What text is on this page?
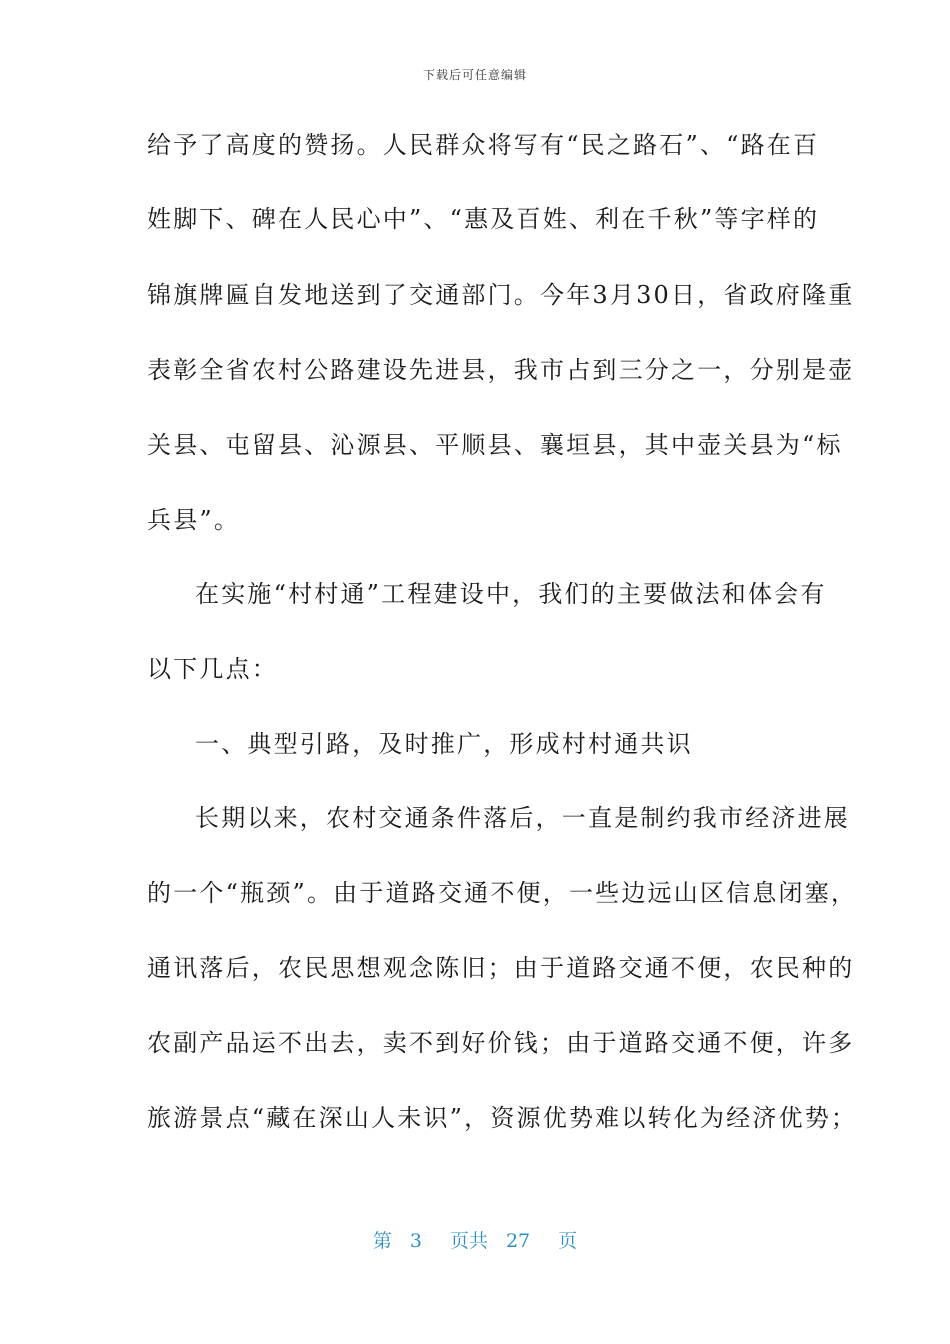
下载后可任意编辑
给予了高度的赞扬。人民群众将写有“民之路石”、“路在百
姓脚下、碑在人民心中”、“惠及百姓、利在千秋”等字样的
锦旗牌匾自发地送到了交通部门。今年3月30日，省政府隆重
表彰全省农村公路建设先进县，我市占到三分之一，分别是壶
关县、屯留县、沁源县、平顺县、襄垣县，其中壶关县为“标
兵县”。
在实施“村村通”工程建设中，我们的主要做法和体会有
以下几点：
一、典型引路，及时推广，形成村村通共识
长期以来，农村交通条件落后，一直是制约我市经济进展
的一个“瓶颈”。由于道路交通不便，一些边远山区信息闭塞，
通讯落后，农民思想观念陈旧；由于道路交通不便，农民种的
农副产品运不出去，卖不到好价钱；由于道路交通不便，许多
旅游景点“藏在深山人未识”，资源优势难以转化为经济优势；
第 3 页共 27 页
